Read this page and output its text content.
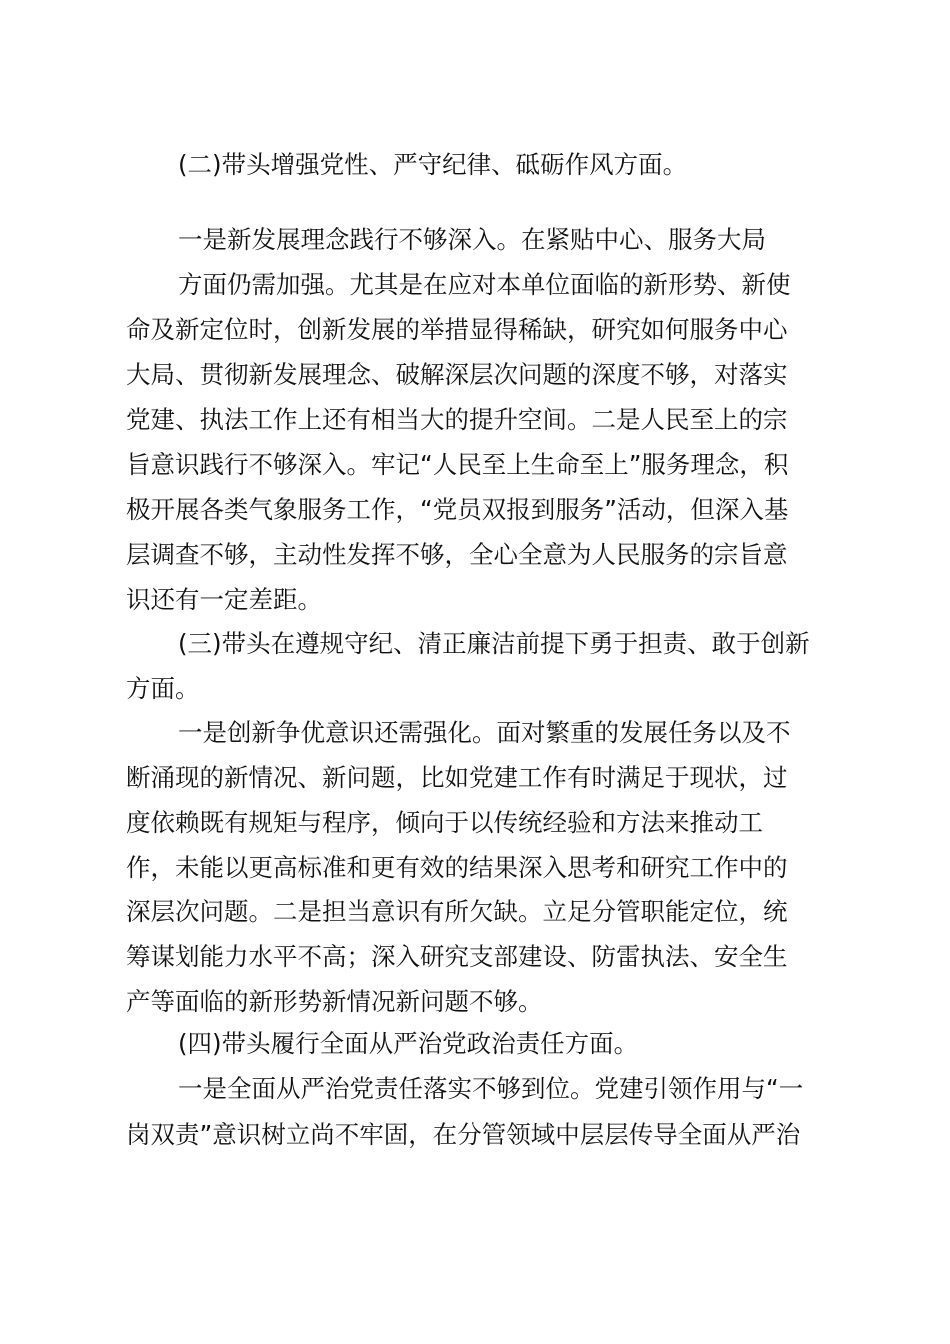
(二)带头增强党性、严守纪律、砥砺作风方面。
一是新发展理念践行不够深入。在紧贴中心、服务大局
方面仍需加强。尤其是在应对本单位面临的新形势、新使
命及新定位时，创新发展的举措显得稀缺，研究如何服务中心
大局、贯彻新发展理念、破解深层次问题的深度不够，对落实
党建、执法工作上还有相当大的提升空间。二是人民至上的宗
旨意识践行不够深入。牢记“人民至上生命至上”服务理念，积
极开展各类气象服务工作，“党员双报到服务”活动，但深入基
层调查不够，主动性发挥不够，全心全意为人民服务的宗旨意
识还有一定差距。
(三)带头在遵规守纪、清正廉洁前提下勇于担责、敢于创新
方面。
一是创新争优意识还需强化。面对繁重的发展任务以及不
断涌现的新情况、新问题，比如党建工作有时满足于现状，过
度依赖既有规矩与程序，倾向于以传统经验和方法来推动工
作，未能以更高标准和更有效的结果深入思考和研究工作中的
深层次问题。二是担当意识有所欠缺。立足分管职能定位，统
筹谋划能力水平不高；深入研究支部建设、防雷执法、安全生
产等面临的新形势新情况新问题不够。
(四)带头履行全面从严治党政治责任方面。
一是全面从严治党责任落实不够到位。党建引领作用与“一
岗双责”意识树立尚不牢固，在分管领域中层层传导全面从严治
